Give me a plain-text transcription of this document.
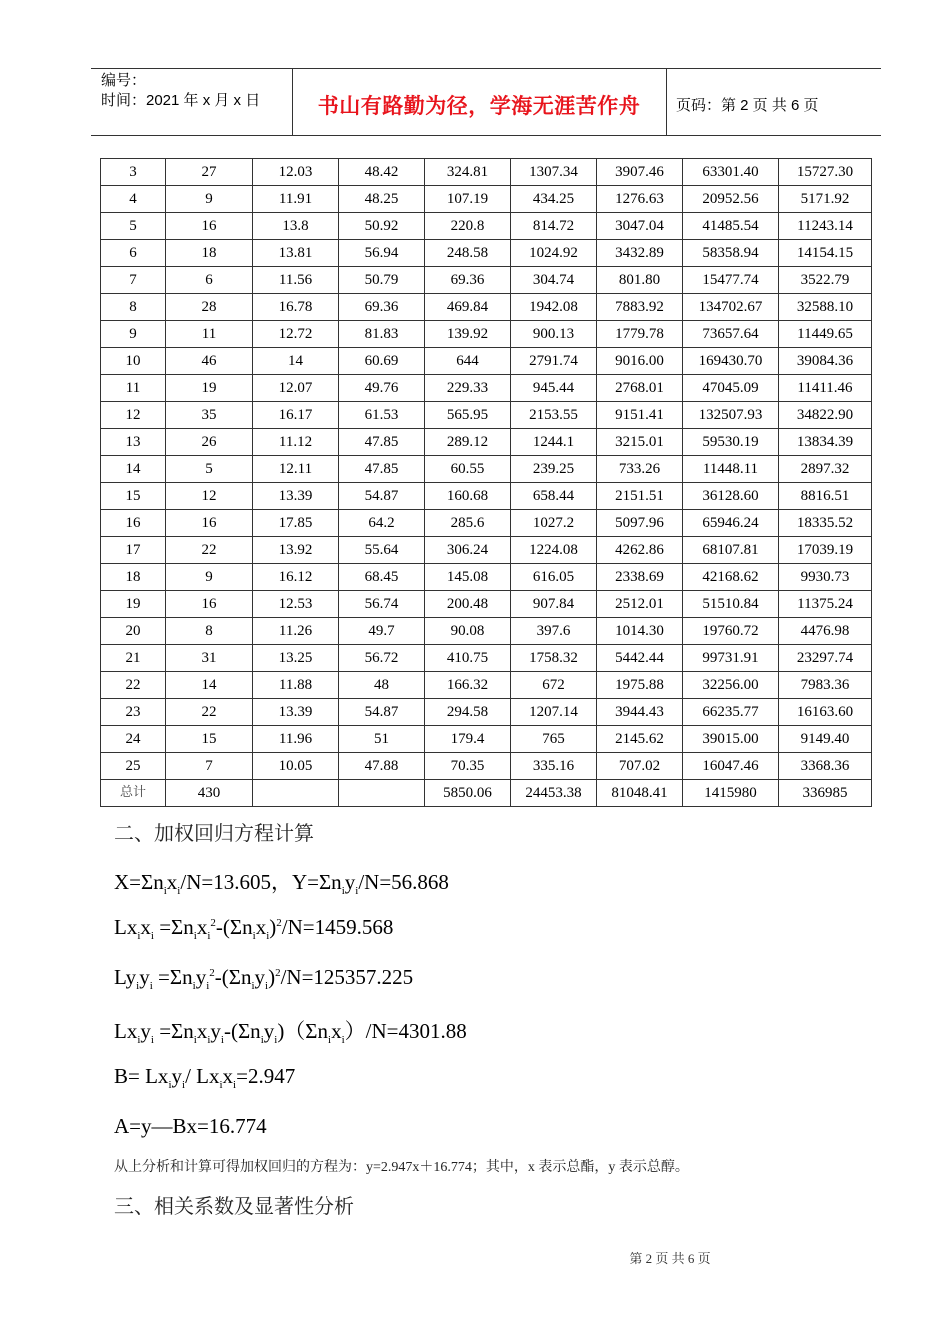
编号：
时间：2021 年 x 月 x 日	书山有路勤为径，学海无涯苦作舟	页码：第 2 页 共 6 页
3	27	12.03	48.42	324.81	1307.34	3907.46	63301.40	15727.30
4	9	11.91	48.25	107.19	434.25	1276.63	20952.56	5171.92
5	16	13.8	50.92	220.8	814.72	3047.04	41485.54	11243.14
6	18	13.81	56.94	248.58	1024.92	3432.89	58358.94	14154.15
7	6	11.56	50.79	69.36	304.74	801.80	15477.74	3522.79
8	28	16.78	69.36	469.84	1942.08	7883.92	134702.67	32588.10
9	11	12.72	81.83	139.92	900.13	1779.78	73657.64	11449.65
10	46	14	60.69	644	2791.74	9016.00	169430.70	39084.36
11	19	12.07	49.76	229.33	945.44	2768.01	47045.09	11411.46
12	35	16.17	61.53	565.95	2153.55	9151.41	132507.93	34822.90
13	26	11.12	47.85	289.12	1244.1	3215.01	59530.19	13834.39
14	5	12.11	47.85	60.55	239.25	733.26	11448.11	2897.32
15	12	13.39	54.87	160.68	658.44	2151.51	36128.60	8816.51
16	16	17.85	64.2	285.6	1027.2	5097.96	65946.24	18335.52
17	22	13.92	55.64	306.24	1224.08	4262.86	68107.81	17039.19
18	9	16.12	68.45	145.08	616.05	2338.69	42168.62	9930.73
19	16	12.53	56.74	200.48	907.84	2512.01	51510.84	11375.24
20	8	11.26	49.7	90.08	397.6	1014.30	19760.72	4476.98
21	31	13.25	56.72	410.75	1758.32	5442.44	99731.91	23297.74
22	14	11.88	48	166.32	672	1975.88	32256.00	7983.36
23	22	13.39	54.87	294.58	1207.14	3944.43	66235.77	16163.60
24	15	11.96	51	179.4	765	2145.62	39015.00	9149.40
25	7	10.05	47.88	70.35	335.16	707.02	16047.46	3368.36
总计	430			5850.06	24453.38	81048.41	1415980	336985
二、加权回归方程计算
$X=\Sigma n_ix_i/N=13.605$，$Y=\Sigma n_iy_i/N=56.868$
$Lx_ix_i =\Sigma n_ix_i^2-(\Sigma n_ix_i)^2/N=1459.568$
$Ly_iy_i =\Sigma n_iy_i^2-(\Sigma n_iy_i)^2/N=125357.225$
$Lx_iy_i =\Sigma n_ix_iy_i-(\Sigma n_iy_i)(\Sigma n_ix_i)/N=4301.88$
$B= Lx_iy_i/$ $Lx_ix_i=2.947$
A=y—Bx=16.774
从上分析和计算可得加权回归的方程为：y=2.947x＋16.774；其中，x 表示总酯，y 表示总醇。
三、相关系数及显著性分析
第 2 页 共 6 页
